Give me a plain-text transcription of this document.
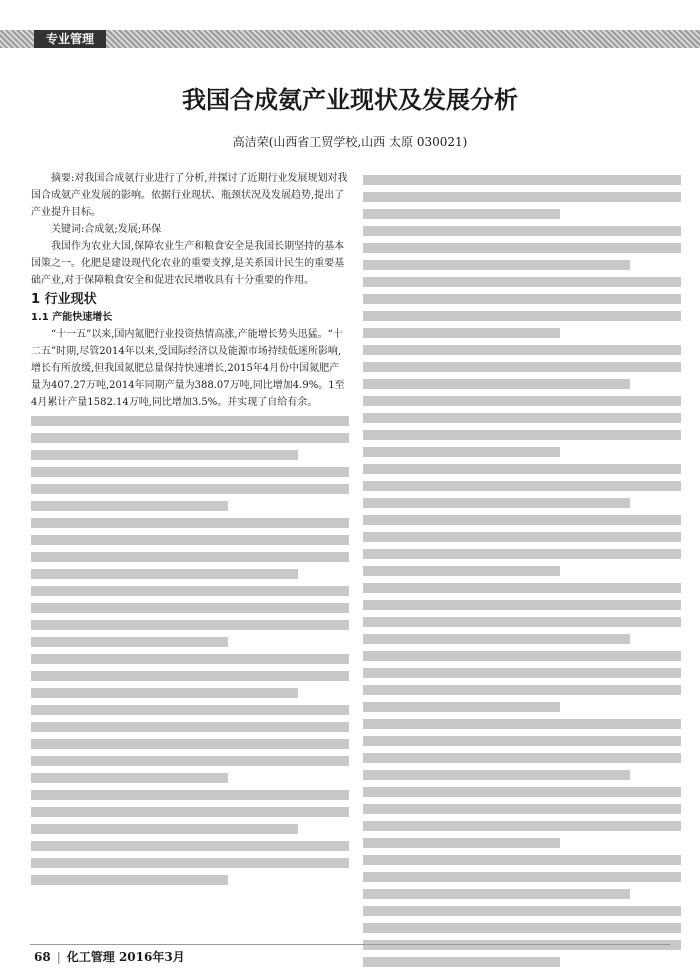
专业管理
我国合成氨产业现状及发展分析
高洁荣(山西省工贸学校,山西 太原 030021)

摘要:对我国合成氨行业进行了分析,并探讨了近期行业发展规划对我国合成氨产业发展的影响。依据行业现状、瓶颈状况及发展趋势,提出了产业提升目标。

关键词:合成氨;发展;环保

我国作为农业大国,保障农业生产和粮食安全是我国长期坚持的基本国策之一。化肥是建设现代化农业的重要支撑,是关系国计民生的重要基础产业,对于保障粮食安全和促进农民增收具有十分重要的作用。

1 行业现状
1.1 产能快速增长

“十一五”以来,国内氮肥行业投资热情高涨,产能增长势头迅猛。“十二五”时期,尽管2014年以来,受国际经济以及能源市场持续低迷所影响,增长有所放缓,但我国氮肥总量保持快速增长,2015年4月份中国氮肥产量为407.27万吨,2014年同期产量为388.07万吨,同比增加4.9%。1至4月累计产量1582.14万吨,同比增加3.5%。并实现了自给有余。

68 | 化工管理 2016年3月
